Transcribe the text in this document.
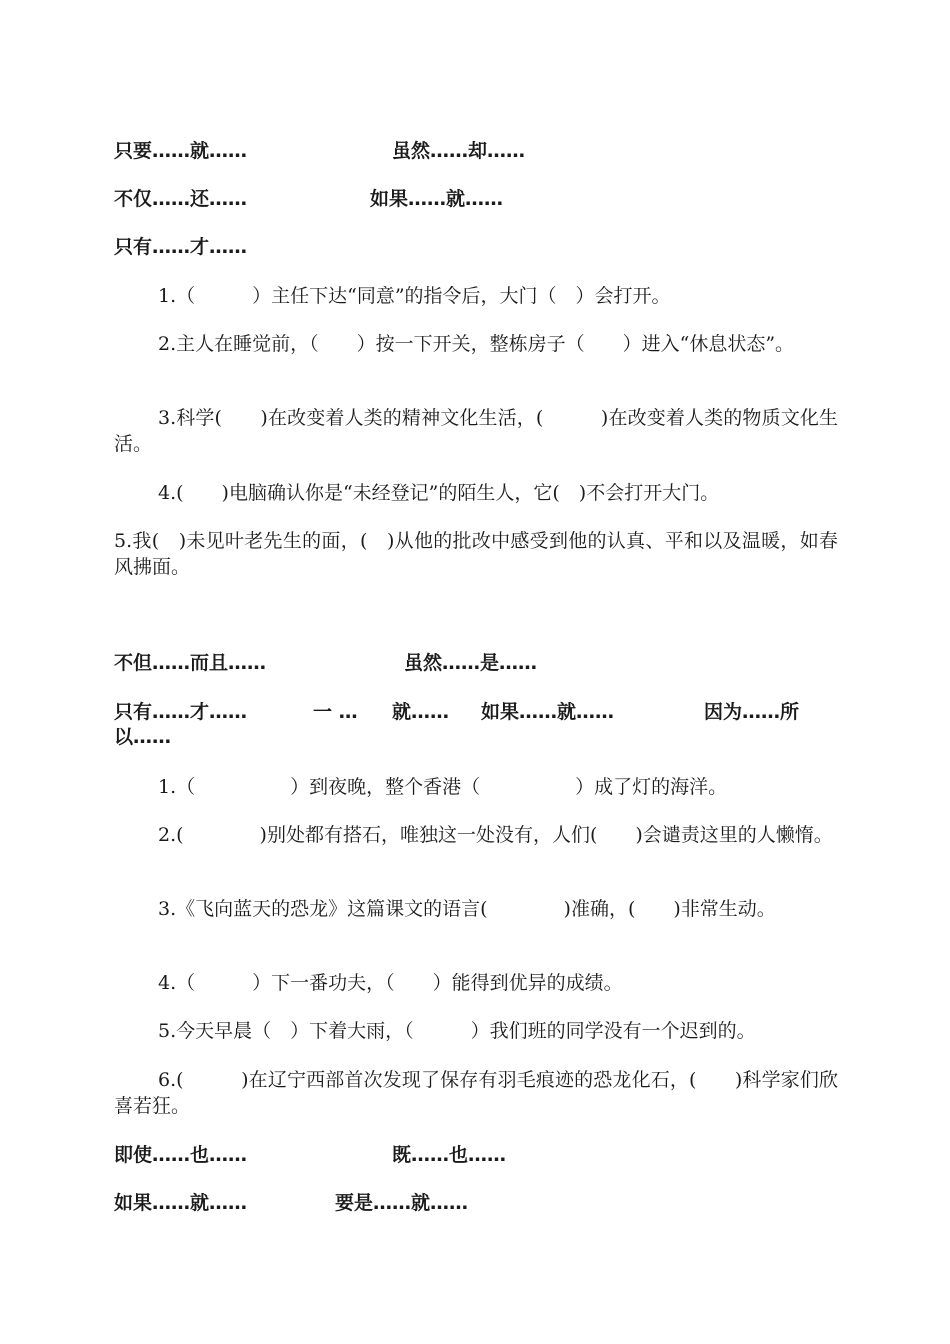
只要……就……	虽然……却……
不仅……还……	如果……就……
只有……才……
1.（　　　）主任下达“同意”的指令后，大门（　）会打开。
2.主人在睡觉前，（　　）按一下开关，整栋房子（　　）进入“休息状态”。
3.科学(　　)在改变着人类的精神文化生活，(　　　)在改变着人类的物质文化生活。
4.(　　)电脑确认你是“未经登记”的陌生人，它(　)不会打开大门。
5.我(　)未见叶老先生的面，(　)从他的批改中感受到他的认真、平和以及温暖，如春风拂面。
不但……而且……	虽然……是……
只有……才……	一 … 就…… 如果……就……	因为……所
以……
1.（　　　　　）到夜晚，整个香港（　　　　　）成了灯的海洋。
2.(　　　　)别处都有搭石，唯独这一处没有，人们(　　)会谴责这里的人懒惰。
3.《飞向蓝天的恐龙》这篇课文的语言(　　　　)准确，(　　)非常生动。
4.（　　　）下一番功夫，（　　）能得到优异的成绩。
5.今天早晨（　）下着大雨，（　　　）我们班的同学没有一个迟到的。
6.(　　　)在辽宁西部首次发现了保存有羽毛痕迹的恐龙化石，(　　)科学家们欣喜若狂。
即使……也……	既……也……
如果……就……	要是……就……
